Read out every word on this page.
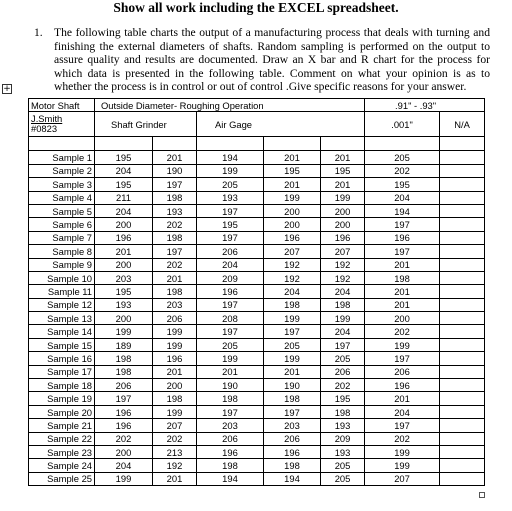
Show all work including the EXCEL spreadsheet.
1. The following table charts the output of a manufacturing process that deals with turning and finishing the external diameters of shafts. Random sampling is performed on the output to assure quality and results are documented. Draw an X bar and R chart for the process for which data is presented in the following table. Comment on what your opinion is as to whether the process is in control or out of control .Give specific reasons for your answer.
+
Motor Shaft	Outside Diameter- Roughing Operation					.91" - .93"	

J.Smith
#0823	Shaft Grinder		Air Gage			.001"	N/A

Sample 1	195	201	194	201	201	205	
Sample 2	204	190	199	195	195	202	
Sample 3	195	197	205	201	201	195	
Sample 4	211	198	193	199	199	204	
Sample 5	204	193	197	200	200	194	
Sample 6	200	202	195	200	200	197	
Sample 7	196	198	197	196	196	196	
Sample 8	201	197	206	207	207	197	
Sample 9	200	202	204	192	192	201	
Sample 10	203	201	209	192	192	198	
Sample 11	195	198	196	204	204	201	
Sample 12	193	203	197	198	198	201	
Sample 13	200	206	208	199	199	200	
Sample 14	199	199	197	197	204	202	
Sample 15	189	199	205	205	197	199	
Sample 16	198	196	199	199	205	197	
Sample 17	198	201	201	201	206	206	
Sample 18	206	200	190	190	202	196	
Sample 19	197	198	198	198	195	201	
Sample 20	196	199	197	197	198	204	
Sample 21	196	207	203	203	193	197	
Sample 22	202	202	206	206	209	202	
Sample 23	200	213	196	196	193	199	
Sample 24	204	192	198	198	205	199	
Sample 25	199	201	194	194	205	207	
